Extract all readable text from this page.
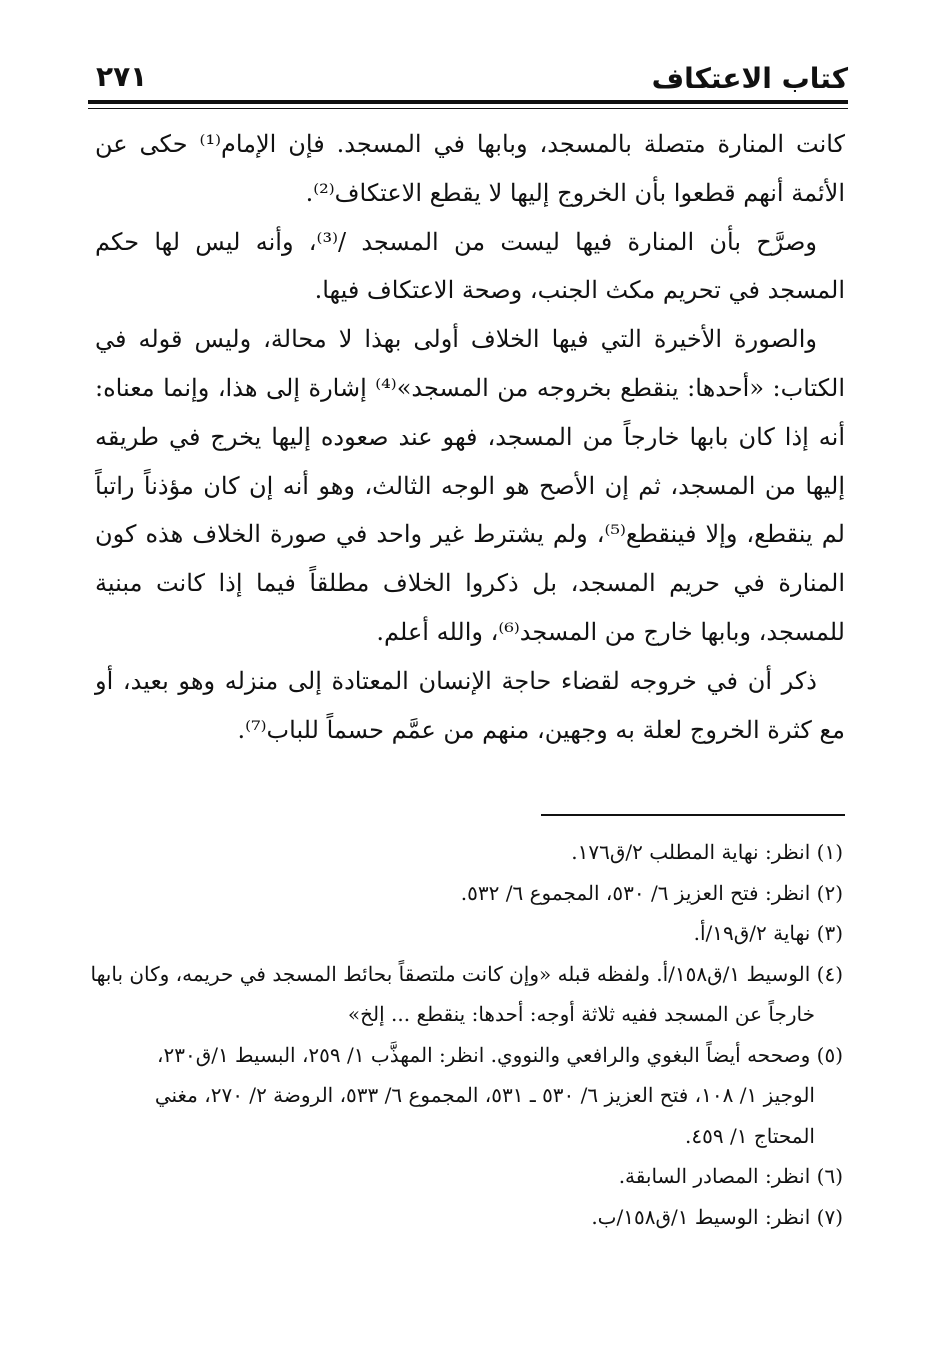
كتاب الاعتكاف
٢٧١

كانت المنارة متصلة بالمسجد، وبابها في المسجد. فإن الإمام⁽¹⁾ حكى عن الأئمة أنهم قطعوا بأن الخروج إليها لا يقطع الاعتكاف⁽²⁾.

وصرَّح بأن المنارة فيها ليست من المسجد /⁽³⁾، وأنه ليس لها حكم المسجد في تحريم مكث الجنب، وصحة الاعتكاف فيها.

والصورة الأخيرة التي فيها الخلاف أولى بهذا لا محالة، وليس قوله في الكتاب: «أحدها: ينقطع بخروجه من المسجد»⁽⁴⁾ إشارة إلى هذا، وإنما معناه: أنه إذا كان بابها خارجاً من المسجد، فهو عند صعوده إليها يخرج في طريقه إليها من المسجد، ثم إن الأصح هو الوجه الثالث، وهو أنه إن كان مؤذناً راتباً لم ينقطع، وإلا فينقطع⁽⁵⁾، ولم يشترط غير واحد في صورة الخلاف هذه كون المنارة في حريم المسجد، بل ذكروا الخلاف مطلقاً فيما إذا كانت مبنية للمسجد، وبابها خارج من المسجد⁽⁶⁾، والله أعلم.

ذكر أن في خروجه لقضاء حاجة الإنسان المعتادة إلى منزله وهو بعيد، أو مع كثرة الخروج لعلة به وجهين، منهم من عمَّم حسماً للباب⁽⁷⁾.

(١) انظر: نهاية المطلب ٢/ق١٧٦.

(٢) انظر: فتح العزيز ٦/ ٥٣٠، المجموع ٦/ ٥٣٢.

(٣) نهاية ٢/ق١٩/أ.

(٤) الوسيط ١/ق١٥٨/أ. ولفظه قبله «وإن كانت ملتصقاً بحائط المسجد في حريمه، وكان بابها

خارجاً عن المسجد ففيه ثلاثة أوجه: أحدها: ينقطع ... إلخ»

(٥) وصححه أيضاً البغوي والرافعي والنووي. انظر: المهذَّب ١/ ٢٥٩، البسيط ١/ق٢٣٠،

الوجيز ١/ ١٠٨، فتح العزيز ٦/ ٥٣٠ ـ ٥٣١، المجموع ٦/ ٥٣٣، الروضة ٢/ ٢٧٠، مغني

المحتاج ١/ ٤٥٩.

(٦) انظر: المصادر السابقة.

(٧) انظر: الوسيط ١/ق١٥٨/ب.
